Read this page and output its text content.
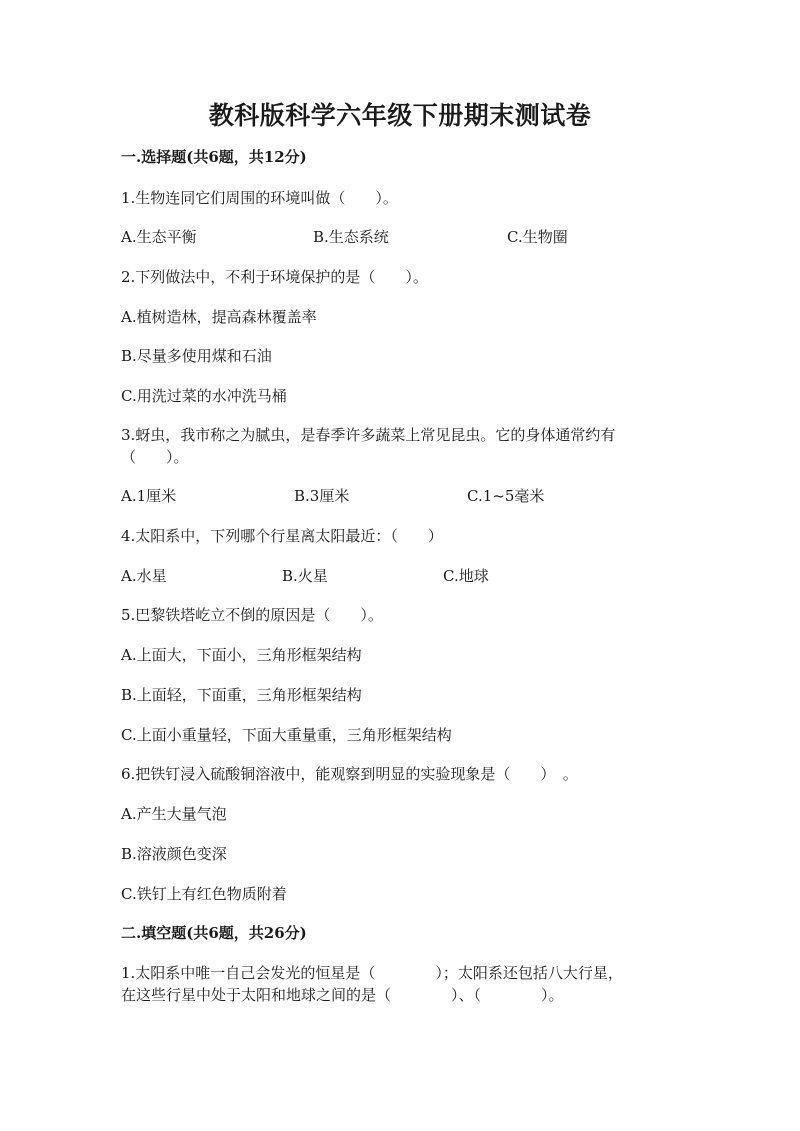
教科版科学六年级下册期末测试卷
一.选择题(共6题，共12分)
1.生物连同它们周围的环境叫做（　　）。
A.生态平衡	B.生态系统	C.生物圈
2.下列做法中，不利于环境保护的是（　　）。
A.植树造林，提高森林覆盖率
B.尽量多使用煤和石油
C.用洗过菜的水冲洗马桶
3.蚜虫，我市称之为腻虫，是春季许多蔬菜上常见昆虫。它的身体通常约有
（　　）。
A.1厘米	B.3厘米	C.1~5毫米
4.太阳系中，下列哪个行星离太阳最近：（　　）
A.水星	B.火星	C.地球
5.巴黎铁塔屹立不倒的原因是（　　）。
A.上面大，下面小，三角形框架结构
B.上面轻，下面重，三角形框架结构
C.上面小重量轻，下面大重量重，三角形框架结构
6.把铁钉浸入硫酸铜溶液中，能观察到明显的实验现象是（　　）　。
A.产生大量气泡
B.溶液颜色变深
C.铁钉上有红色物质附着
二.填空题(共6题，共26分)
1.太阳系中唯一自己会发光的恒星是（　　　　）；太阳系还包括八大行星，
在这些行星中处于太阳和地球之间的是（　　　　）、（　　　　）。
